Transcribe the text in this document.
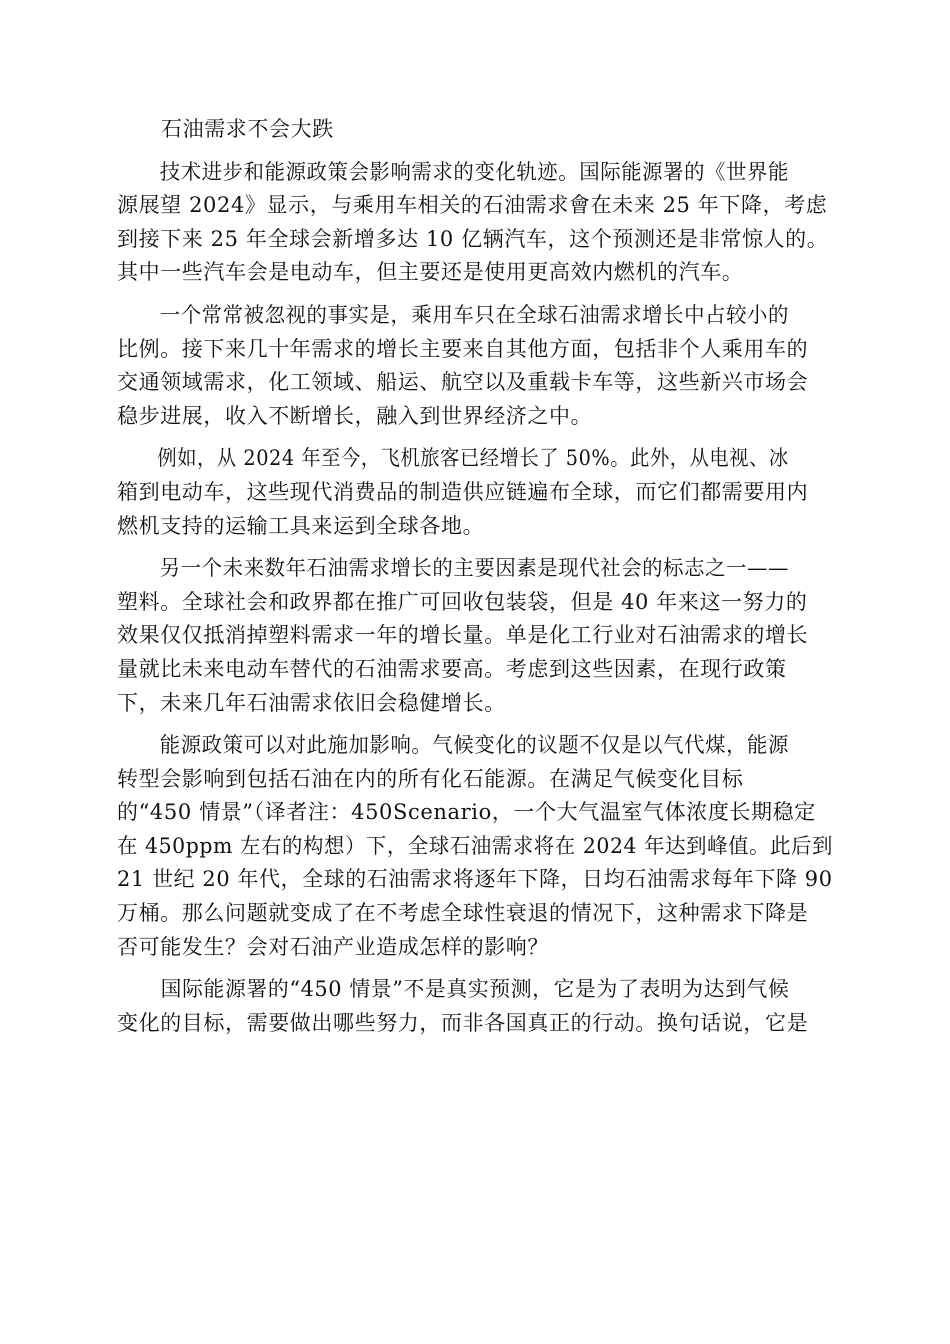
石油需求不会大跌
技术进步和能源政策会影响需求的变化轨迹。国际能源署的《世界能
源展望 2024》显示，与乘用车相关的石油需求會在未来 25 年下降，考虑
到接下来 25 年全球会新增多达 10 亿辆汽车，这个预测还是非常惊人的。
其中一些汽车会是电动车，但主要还是使用更高效内燃机的汽车。
一个常常被忽视的事实是，乘用车只在全球石油需求增长中占较小的
比例。接下来几十年需求的增长主要来自其他方面，包括非个人乘用车的
交通领域需求，化工领域、船运、航空以及重载卡车等，这些新兴市场会
稳步进展，收入不断增长，融入到世界经济之中。
例如，从 2024 年至今，飞机旅客已经增长了 50%。此外，从电视、冰
箱到电动车，这些现代消费品的制造供应链遍布全球，而它们都需要用内
燃机支持的运输工具来运到全球各地。
另一个未来数年石油需求增长的主要因素是现代社会的标志之一——
塑料。全球社会和政界都在推广可回收包装袋，但是 40 年来这一努力的
效果仅仅抵消掉塑料需求一年的增长量。单是化工行业对石油需求的增长
量就比未来电动车替代的石油需求要高。考虑到这些因素，在现行政策
下，未来几年石油需求依旧会稳健增长。
能源政策可以对此施加影响。气候变化的议题不仅是以气代煤，能源
转型会影响到包括石油在内的所有化石能源。在满足气候变化目标
的“450 情景”（译者注：450Scenario，一个大气温室气体浓度长期稳定
在 450ppm 左右的构想）下，全球石油需求将在 2024 年达到峰值。此后到
21 世纪 20 年代，全球的石油需求将逐年下降，日均石油需求每年下降 90
万桶。那么问题就变成了在不考虑全球性衰退的情况下，这种需求下降是
否可能发生？会对石油产业造成怎样的影响？
国际能源署的“450 情景”不是真实预测，它是为了表明为达到气候
变化的目标，需要做出哪些努力，而非各国真正的行动。换句话说，它是
